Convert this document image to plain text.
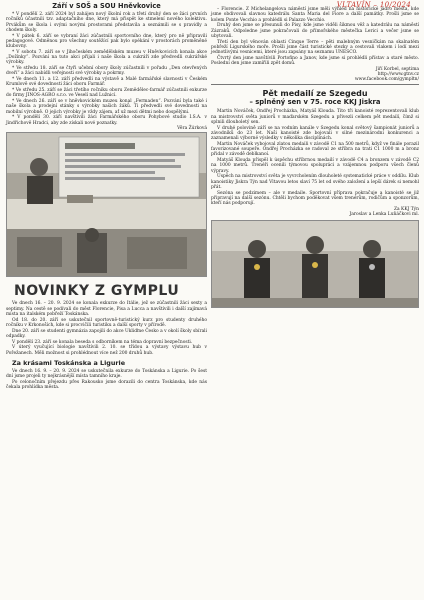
Září v SOŠ a SOU Hněvkovice

* V pondělí 2. září 2024 byl zahájen nový školní rok a třetí druhý den se žáci prvních ročníků účastnili tzv. adaptačního dne, který má přispět ke stmelení nového kolektivu. Prvákům se škola i svými novými prostorami představila a seznámili se s pravidly a chodem školy.

* V pátek 6. září se vybraní žáci zúčastnili sportovního dne, který pro ně připravili pedagogové. Odměnou pro všechny soutěžící pak bylo opékání v prostorách proměněné klubovny.

* V sobotu 7. září se v Jihočeském zemědělském muzeu v Hněvkovicích konala akce „Dožínky“. Pozvání na tuto akci přijali i naše škola a cukráři zde předvedli cukrářské výrobky.

* Ve středu 18. září se čtyři učební obory školy zúčastnili v pořadu „Den otevřených dveří“ a žáci nabídli veřejnosti své výrobky a pokrmy.

* Ve dnech 11. a 12. září předvedli na výstavě a Malé farmářské slavnosti v Českém Krumlově své dovednosti žáci oboru Farmář.

* Ve středu 25. září se žáci třetího ročníku oboru Zemědělec-farmář zúčastnili exkurze do firmy JINOS-AGRO s.r.o. ve Veselí nad Lužnicí.

* Ve dnech 26. září se v hněvkovickém muzeu konal „Fermaden“. Pozvání byla také i naše škola a prodejní stánky s výrobky našich žáků. Ti předvedli své dovednosti na mobilní výrobně. O jejich výrobky je vždy zájem, ať už mezi dětmi nebo dospělými.

* V pondělí 30. září navštívili žáci Farmářského oboru Pohybové studio I.S.A. v Jindřichově Hradci, aby zde získali nové poznatky.

Věra Žúrková

NOVINKY Z GYMPLU

Ve dnech 16. – 20. 9. 2024 se konala exkurze do Itálie, jež se zúčastnili žáci sexty a septimy. Na cestě se podívali do měst Florencie, Pisa a Lucca a navštívili i další zajímavá místa na italském pobřeží Toskánska.

Od 18. do 20. září se uskutečnil sportovně-turistický kurz pro studenty druhého ročníku v Krkonoších, kde si procvičili turistiku a další sporty v přírodě.

Dne 20. září se studenti gymnázia zapojili do akce Ukliďme Česko a v okolí školy sbírali odpadky.

V pondělí 23. září se konala beseda s odborníkem na téma dopravní bezpečnosti.

V úterý vyučující biologie navštívili 2. 10. se třídou a výstavy výstavu hub v Pořežanech. Měli možnost si prohlédnout více než 200 druhů hub.

Za krásami Toskánska a Ligurie

Ve dnech 16. 9. – 20. 9. 2024 se uskutečnila exkurze do Toskánska a Ligurie. Po šest dní jsme projeli ty nejkrásnější místa tamního kraje.

Po celonočním přejezdu přes Rakousko jsme dorazili do centra Toskánska, kde nás čekala prohlídka města.

VLTAVÍN – 10/2024

– Florencie. Z Michelangelova náměstí jsme měli výhled na historické jádro města, kde jsme obdivovali slavnou katedrálu Santa Maria del Fiore a další památky. Prošli jsme se kolem Ponte Vecchio a prohlédli si Palazzo Vecchio.

Druhý den jsme se přesunuli do Pisy, kde jsme viděli šikmou věž a katedrálu na náměstí Zázraků. Odpoledne jsme pokračovali do přímořského městečka Lerici a večer jsme se ubytovali.

Třetí den byl věnován oblasti Cinque Terre – pěti malebným vesničkám na skalnatém pobřeží Ligurského moře. Prošli jsme část turistické stezky a cestovali vlakem i lodí mezi jednotlivými vesnicemi, které jsou zapsány na seznamu UNESCO.

Čtvrtý den jsme navštívili Portofino a Janov, kde jsme si prohlédli přístav a staré město. Poslední den jsme zamířili zpět domů.

Jiří Korbel, septima

http://www.gtnv.cz

www.facebook.com/gympltn/

Pět medailí ze Szegedu
– splněný sen v 75. roce KKJ Jiskra

Martin Nováček, Ondřej Procházka, Matyáš Klouda. Tito tři kanoisté reprezentovali klub na mistrovství světa juniorů v maďarském Szegedu a přivezli celkem pět medailí, čímž si splnili dlouholetý sen.

V druhé polovině září se na vodním kanále v Szegedu konal světový šampionát juniorů a závodníků do 23 let. Naši kanoisté zde bojovali v silné mezinárodní konkurenci a zaznamenali výborné výsledky v několika disciplínách.

Martin Nováček vybojoval zlatou medaili v závodě C1 na 500 metrů, když ve finále porazil favorizované soupeře. Ondřej Procházka se radoval ze stříbra na trati C1 1000 m a bronz přidal v závodě deblkanoí.

Matyáš Klouda přispěl k úspěchu stříbrnou medailí v závodě C4 a bronzem v závodě C2 na 1000 metrů. Trenéři ocenili týmovou spolupráci a vzájemnou podporu všech členů výpravy.

Úspěch na mistrovství světa je vyvrcholením dlouholeté systematické práce v oddílu. Klub kanoistiky Jiskra Týn nad Vltavou letos slaví 75 let od svého založení a lepší dárek si nemohl přát.

Sezóna se podzimem – ale v medaile. Sportovní příprava pokračuje a kanoisté se již připravují na další sezónu. Chtěli bychom poděkovat všem trenérům, rodičům a sponzorům, kteří nás podporují.

Za KKJ Týn

Jaroslav a Lenka Luňáčkovi ml.
